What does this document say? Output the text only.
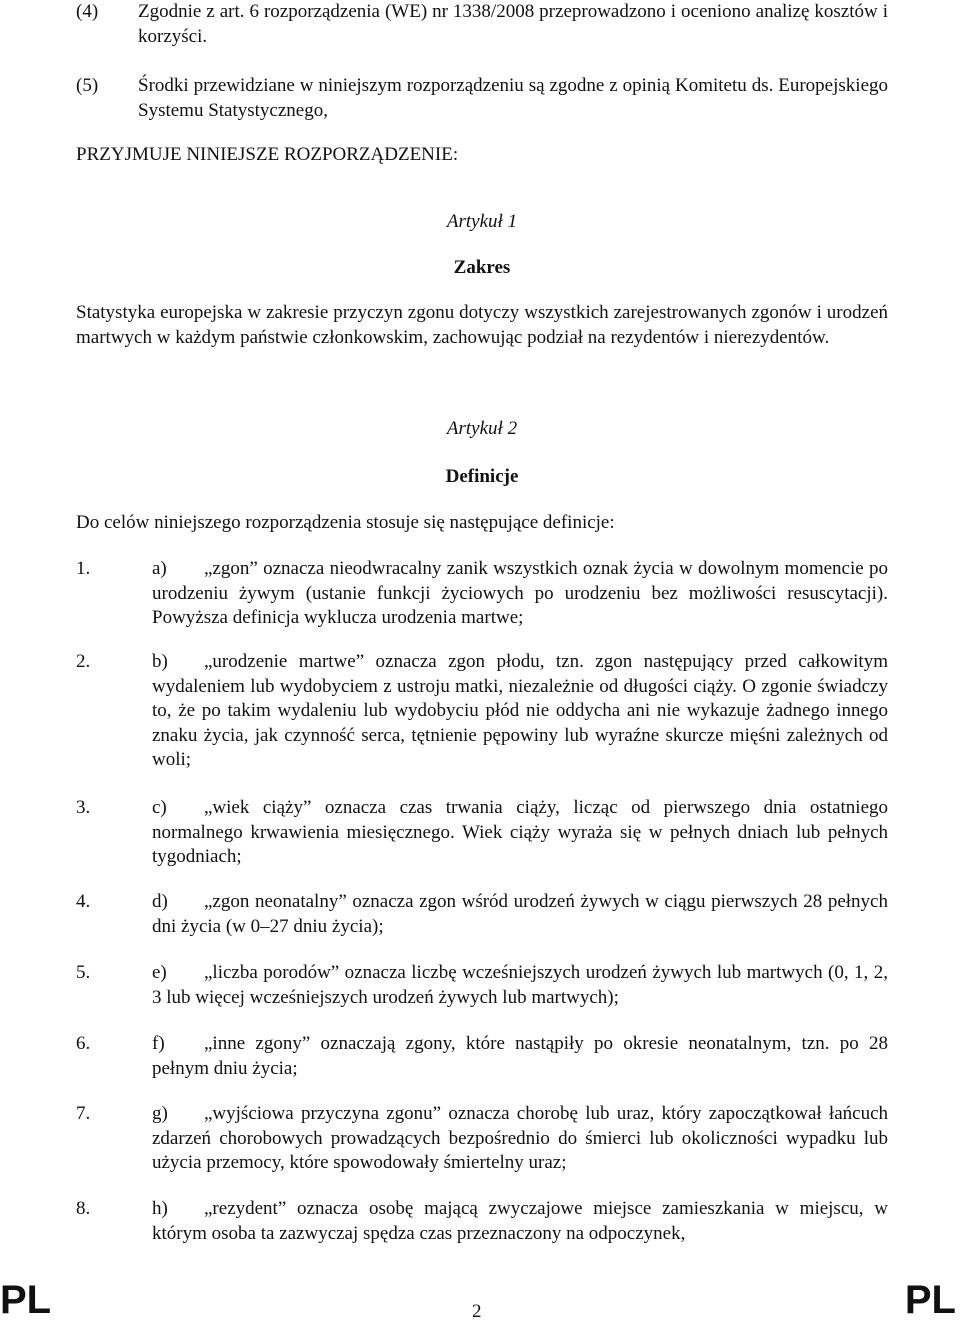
(4) Zgodnie z art. 6 rozporządzenia (WE) nr 1338/2008 przeprowadzono i oceniono analizę kosztów i korzyści.
(5) Środki przewidziane w niniejszym rozporządzeniu są zgodne z opinią Komitetu ds. Europejskiego Systemu Statystycznego,
PRZYJMUJE NINIEJSZE ROZPORZĄDZENIE:
Artykuł 1
Zakres
Statystyka europejska w zakresie przyczyn zgonu dotyczy wszystkich zarejestrowanych zgonów i urodzeń martwych w każdym państwie członkowskim, zachowując podział na rezydentów i nierezydentów.
Artykuł 2
Definicje
Do celów niniejszego rozporządzenia stosuje się następujące definicje:
1.	a)	„zgon” oznacza nieodwracalny zanik wszystkich oznak życia w dowolnym momencie po urodzeniu żywym (ustanie funkcji życiowych po urodzeniu bez możliwości resuscytacji). Powyższa definicja wyklucza urodzenia martwe;
2.	b)	„urodzenie martwe” oznacza zgon płodu, tzn. zgon następujący przed całkowitym wydaleniem lub wydobyciem z ustroju matki, niezależnie od długości ciąży. O zgonie świadczy to, że po takim wydaleniu lub wydobyciu płód nie oddycha ani nie wykazuje żadnego innego znaku życia, jak czynność serca, tętnienie pępowiny lub wyraźne skurcze mięśni zależnych od woli;
3.	c)	„wiek ciąży” oznacza czas trwania ciąży, licząc od pierwszego dnia ostatniego normalnego krwawienia miesięcznego. Wiek ciąży wyraża się w pełnych dniach lub pełnych tygodniach;
4.	d)	„zgon neonatalny” oznacza zgon wśród urodzeń żywych w ciągu pierwszych 28 pełnych dni życia (w 0–27 dniu życia);
5.	e)	„liczba porodów” oznacza liczbę wcześniejszych urodzeń żywych lub martwych (0, 1, 2, 3 lub więcej wcześniejszych urodzeń żywych lub martwych);
6.	f)	„inne zgony” oznaczają zgony, które nastąpiły po okresie neonatalnym, tzn. po 28 pełnym dniu życia;
7.	g)	„wyjściowa przyczyna zgonu” oznacza chorobę lub uraz, który zapoczątkował łańcuch zdarzeń chorobowych prowadzących bezpośrednio do śmierci lub okoliczności wypadku lub użycia przemocy, które spowodowały śmiertelny uraz;
8.	h)	„rezydent” oznacza osobę mającą zwyczajowe miejsce zamieszkania w miejscu, w którym osoba ta zazwyczaj spędza czas przeznaczony na odpoczynek,
PL	2	PL
